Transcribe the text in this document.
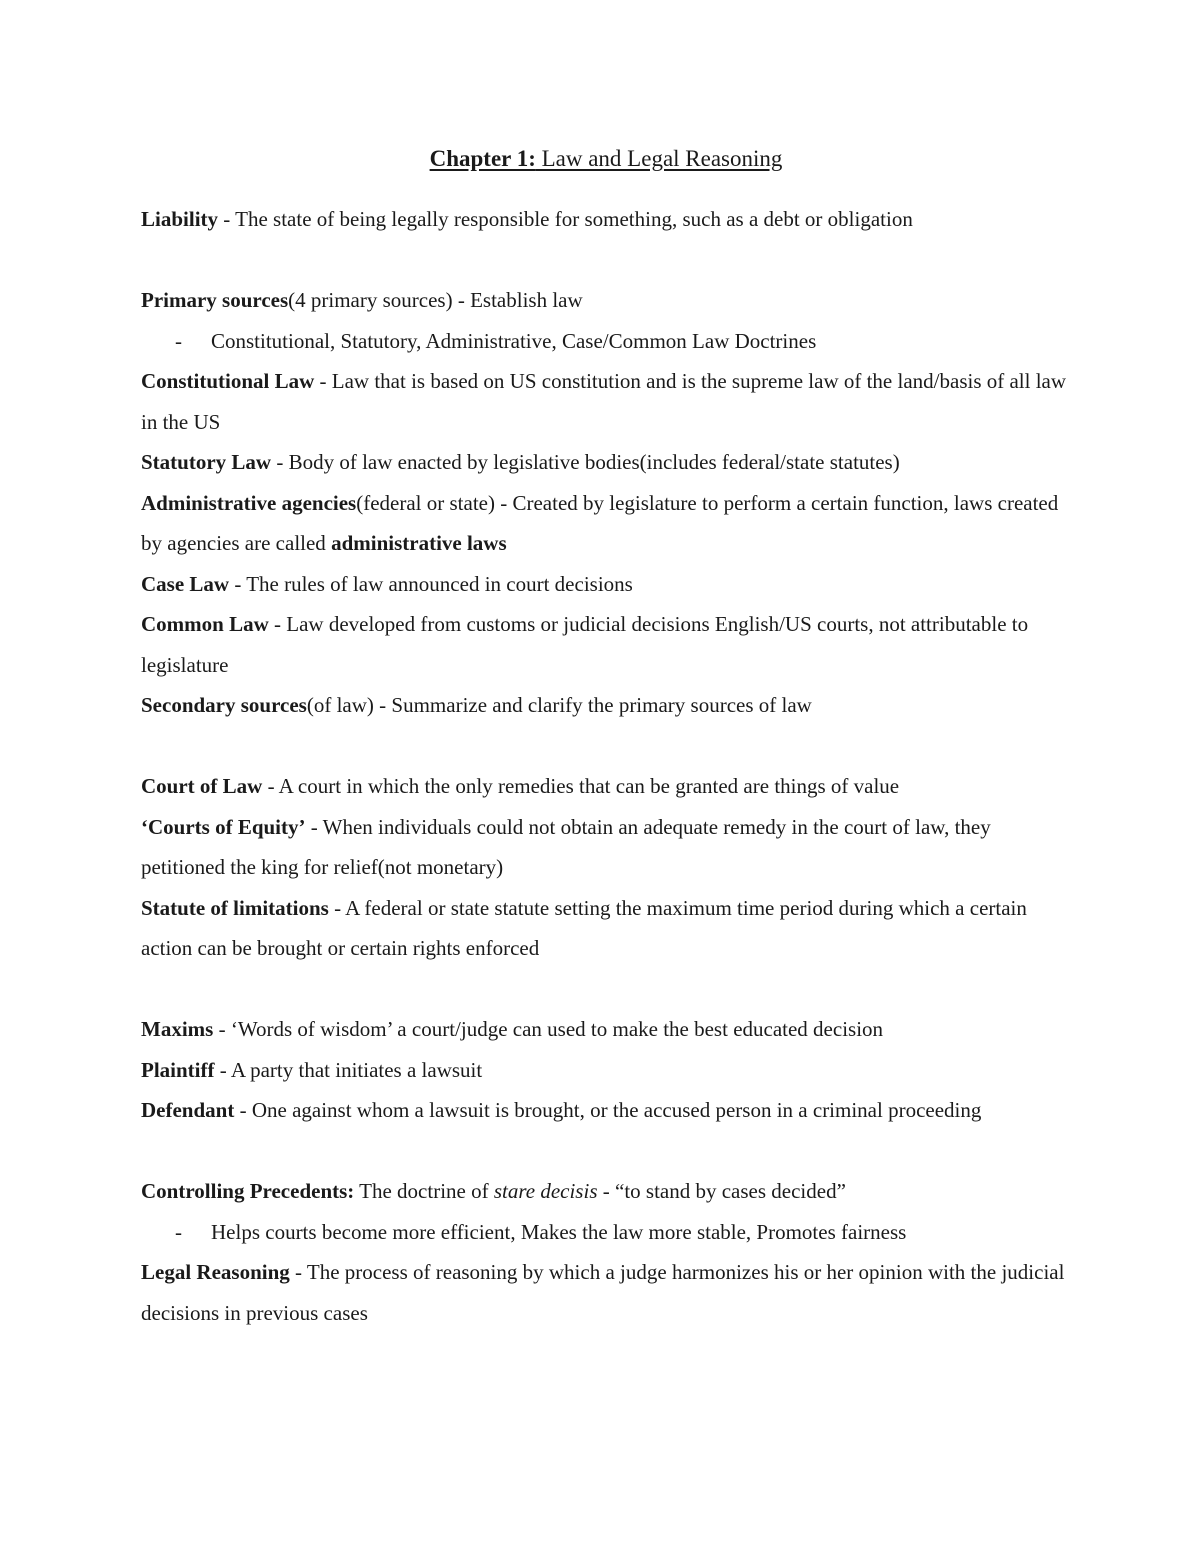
Chapter 1: Law and Legal Reasoning

Liability - The state of being legally responsible for something, such as a debt or obligation

Primary sources(4 primary sources) - Establish law

- Constitutional, Statutory, Administrative, Case/Common Law Doctrines

Constitutional Law - Law that is based on US constitution and is the supreme law of the land/basis of all law in the US

Statutory Law - Body of law enacted by legislative bodies(includes federal/state statutes)

Administrative agencies(federal or state) - Created by legislature to perform a certain function, laws created by agencies are called administrative laws

Case Law - The rules of law announced in court decisions

Common Law - Law developed from customs or judicial decisions English/US courts, not attributable to legislature

Secondary sources(of law) - Summarize and clarify the primary sources of law

Court of Law - A court in which the only remedies that can be granted are things of value

‘Courts of Equity’ - When individuals could not obtain an adequate remedy in the court of law, they petitioned the king for relief(not monetary)

Statute of limitations - A federal or state statute setting the maximum time period during which a certain action can be brought or certain rights enforced

Maxims - ‘Words of wisdom’ a court/judge can used to make the best educated decision

Plaintiff - A party that initiates a lawsuit

Defendant - One against whom a lawsuit is brought, or the accused person in a criminal proceeding

Controlling Precedents: The doctrine of stare decisis - “to stand by cases decided”

- Helps courts become more efficient, Makes the law more stable, Promotes fairness

Legal Reasoning - The process of reasoning by which a judge harmonizes his or her opinion with the judicial decisions in previous cases
